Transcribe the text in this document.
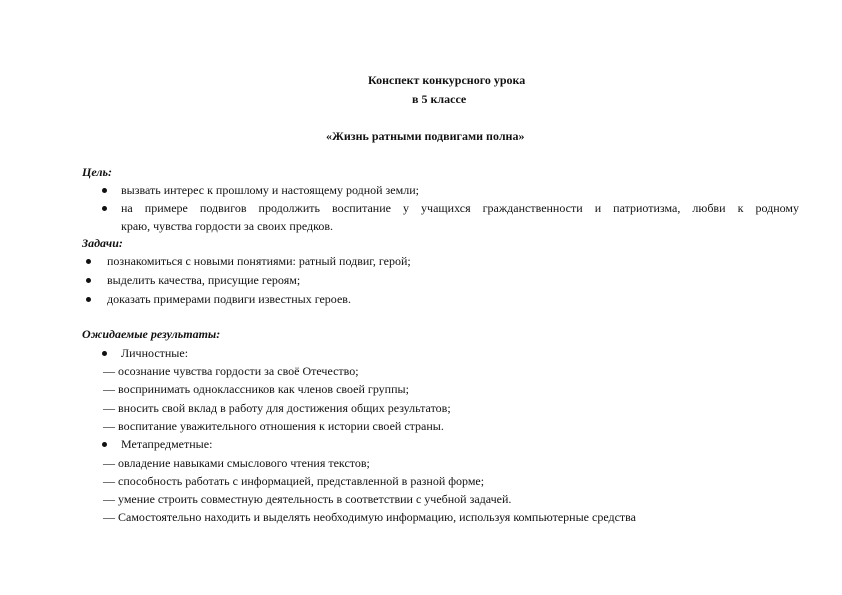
Конспект конкурсного урока
в 5 классе
«Жизнь ратными подвигами полна»
Цель:
вызвать интерес к прошлому и настоящему родной земли;
на примере подвигов продолжить воспитание у учащихся гражданственности и патриотизма, любви к родному
краю, чувства гордости за своих предков.
Задачи:
познакомиться с новыми понятиями: ратный подвиг, герой;
выделить качества, присущие героям;
доказать примерами подвиги известных героев.
Ожидаемые результаты:
Личностные:
— осознание чувства гордости за своё Отечество;
— воспринимать одноклассников как членов своей группы;
— вносить свой вклад в работу для достижения общих результатов;
— воспитание уважительного отношения к истории своей страны.
Метапредметные:
— овладение навыками смыслового чтения текстов;
— способность работать с информацией, представленной в разной форме;
— умение строить совместную деятельность в соответствии с учебной задачей.
— Самостоятельно находить и выделять необходимую информацию, используя компьютерные средства
